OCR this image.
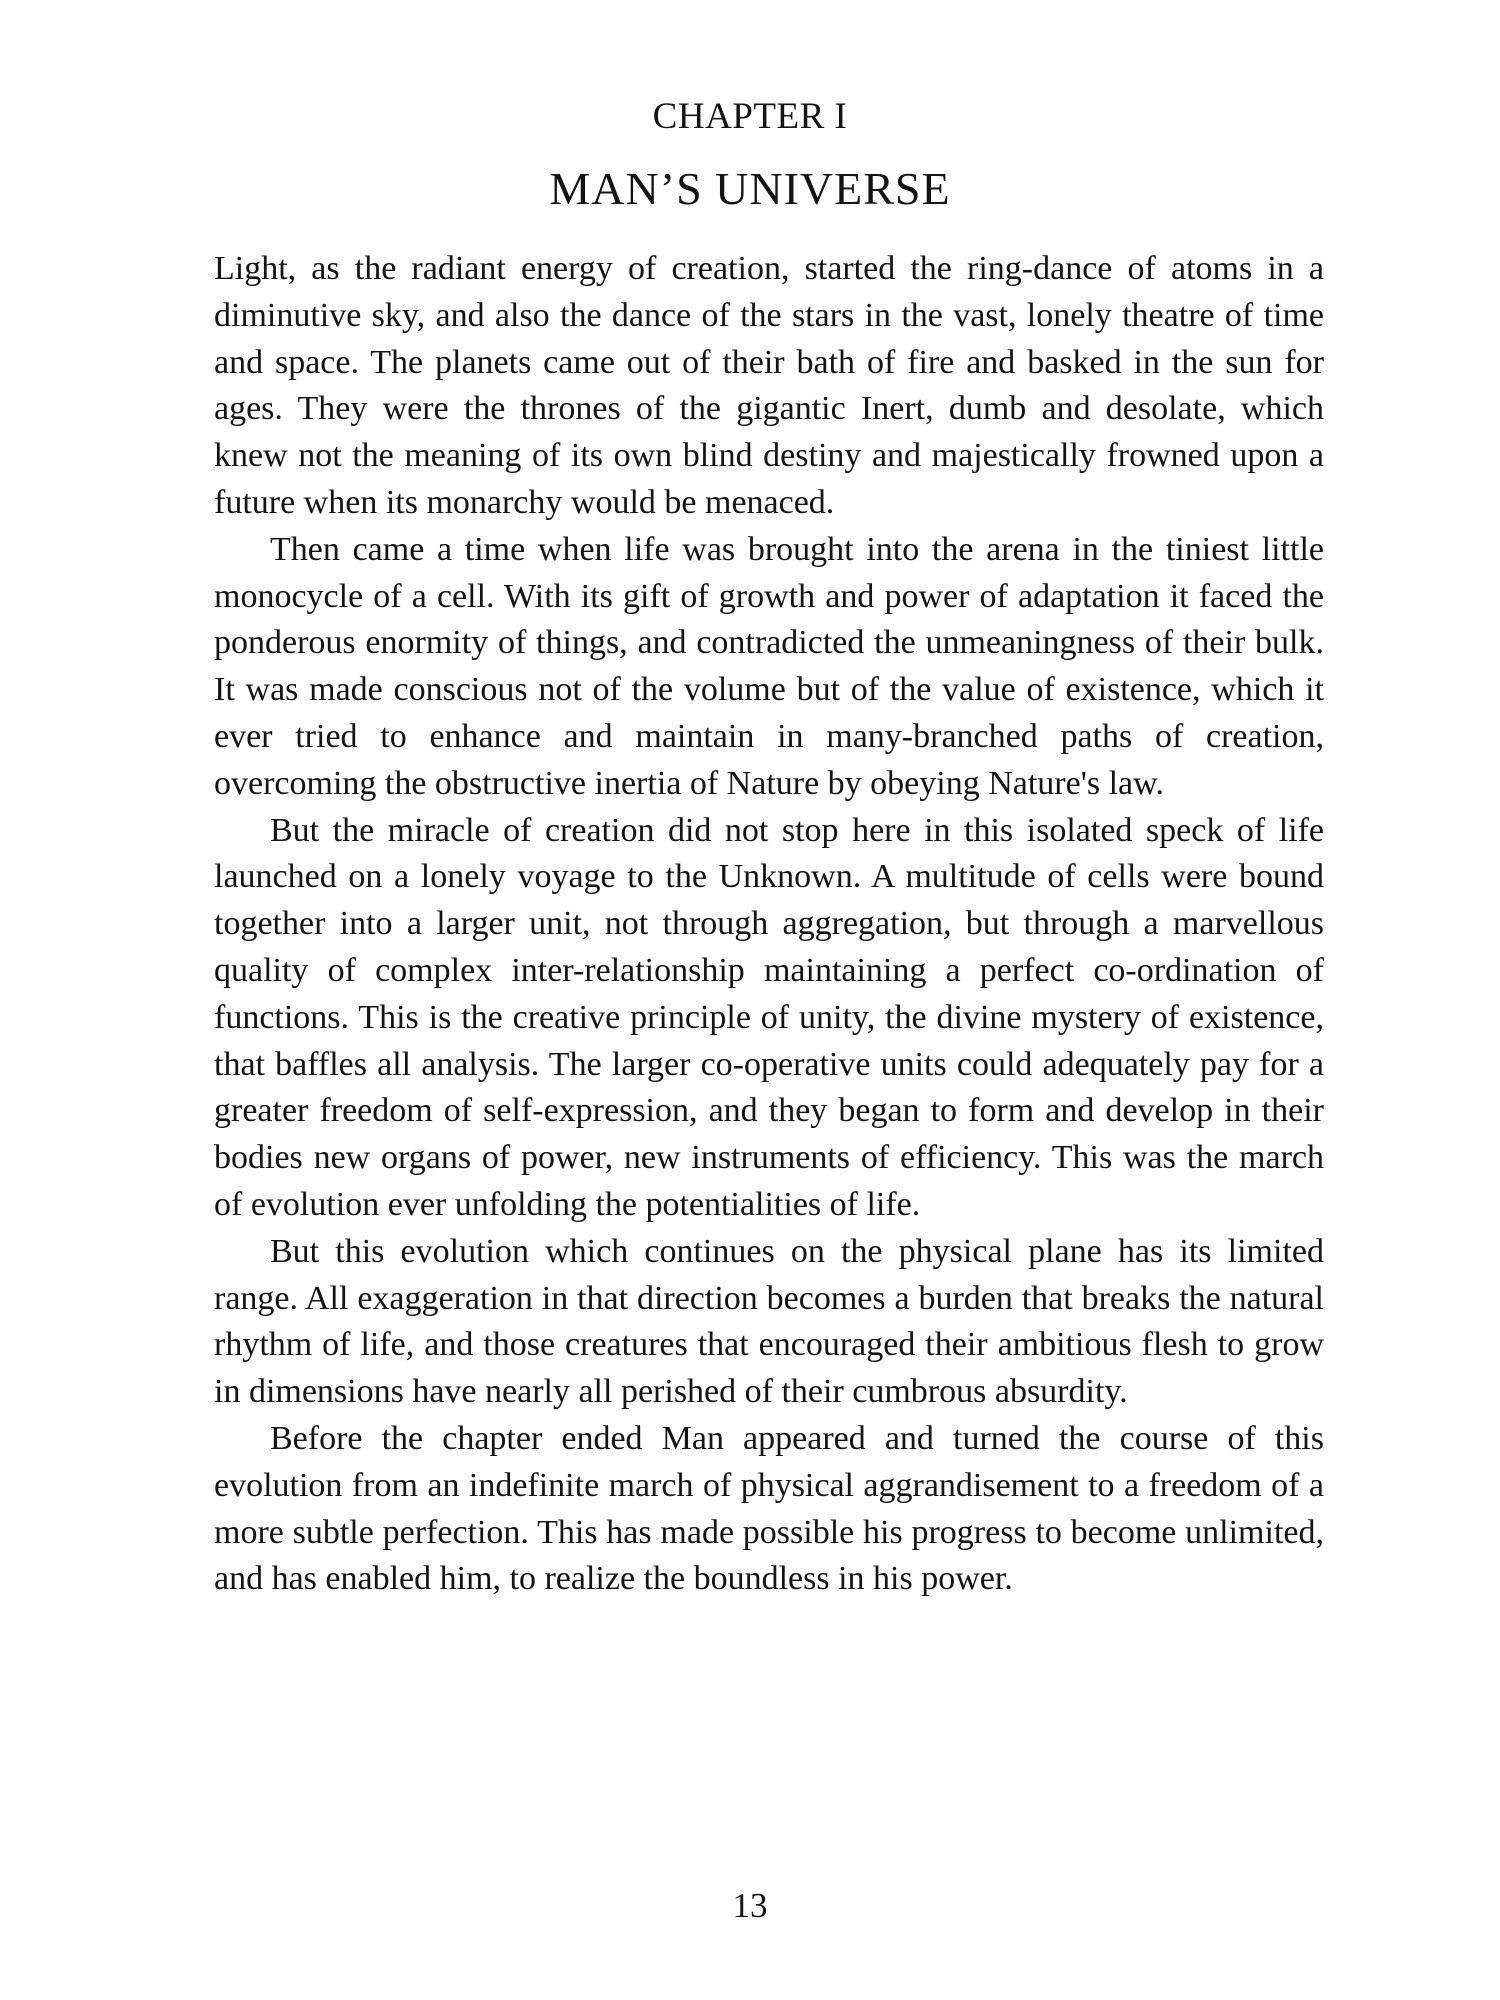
CHAPTER I
MAN’S UNIVERSE

Light, as the radiant energy of creation, started the ring-dance of atoms in a diminutive sky, and also the dance of the stars in the vast, lonely theatre of time and space. The planets came out of their bath of fire and basked in the sun for ages. They were the thrones of the gigantic Inert, dumb and desolate, which knew not the meaning of its own blind destiny and majestically frowned upon a future when its monarchy would be menaced.

Then came a time when life was brought into the arena in the tiniest little monocycle of a cell. With its gift of growth and power of adaptation it faced the ponderous enormity of things, and contradicted the unmeaningness of their bulk. It was made conscious not of the volume but of the value of existence, which it ever tried to enhance and maintain in many-branched paths of creation, overcoming the obstructive inertia of Nature by obeying Nature's law.

But the miracle of creation did not stop here in this isolated speck of life launched on a lonely voyage to the Unknown. A multitude of cells were bound together into a larger unit, not through aggregation, but through a marvellous quality of complex inter-relationship maintaining a perfect co-ordination of functions. This is the creative principle of unity, the divine mystery of existence, that baffles all analysis. The larger co-operative units could adequately pay for a greater freedom of self-expression, and they began to form and develop in their bodies new organs of power, new instruments of efficiency. This was the march of evolution ever unfolding the potentialities of life.

But this evolution which continues on the physical plane has its limited range. All exaggeration in that direction becomes a burden that breaks the natural rhythm of life, and those creatures that encouraged their ambitious flesh to grow in dimensions have nearly all perished of their cumbrous absurdity.

Before the chapter ended Man appeared and turned the course of this evolution from an indefinite march of physical aggrandisement to a freedom of a more subtle perfection. This has made possible his progress to become unlimited, and has enabled him, to realize the boundless in his power.

13
